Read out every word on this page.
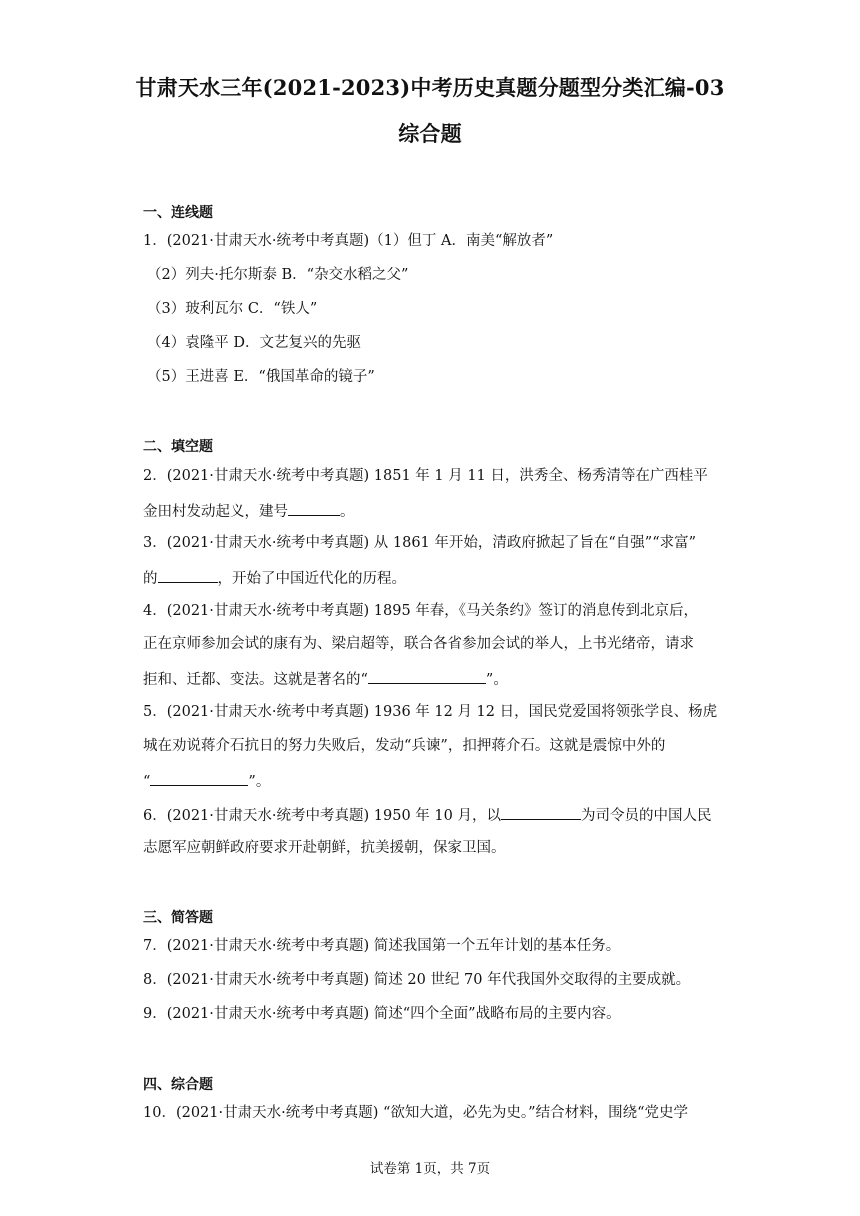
甘肃天水三年(2021-2023)中考历史真题分题型分类汇编-03
综合题
一、连线题
1．(2021·甘肃天水·统考中考真题)（1）但丁 A．南美“解放者”
（2）列夫·托尔斯泰 B．“杂交水稻之父”
（3）玻利瓦尔 C．“铁人”
（4）袁隆平 D．文艺复兴的先驱
（5）王进喜 E．“俄国革命的镜子”
二、填空题
2．(2021·甘肃天水·统考中考真题) 1851 年 1 月 11 日，洪秀全、杨秀清等在广西桂平
金田村发动起义，建号	。
3．(2021·甘肃天水·统考中考真题) 从 1861 年开始，清政府掀起了旨在“自强”“求富”
的	，开始了中国近代化的历程。
4．(2021·甘肃天水·统考中考真题) 1895 年春，《马关条约》签订的消息传到北京后，
正在京师参加会试的康有为、梁启超等，联合各省参加会试的举人，上书光绪帝，请求
拒和、迁都、变法。这就是著名的“	”。
5．(2021·甘肃天水·统考中考真题) 1936 年 12 月 12 日，国民党爱国将领张学良、杨虎
城在劝说蒋介石抗日的努力失败后，发动“兵谏”，扣押蒋介石。这就是震惊中外的
“	”。
6．(2021·甘肃天水·统考中考真题) 1950 年 10 月，以	为司令员的中国人民
志愿军应朝鲜政府要求开赴朝鲜，抗美援朝，保家卫国。
三、简答题
7．(2021·甘肃天水·统考中考真题) 简述我国第一个五年计划的基本任务。
8．(2021·甘肃天水·统考中考真题) 简述 20 世纪 70 年代我国外交取得的主要成就。
9．(2021·甘肃天水·统考中考真题) 简述“四个全面”战略布局的主要内容。
四、综合题
10．(2021·甘肃天水·统考中考真题) “欲知大道，必先为史。”结合材料，围绕“党史学
试卷第 1页，共 7页
